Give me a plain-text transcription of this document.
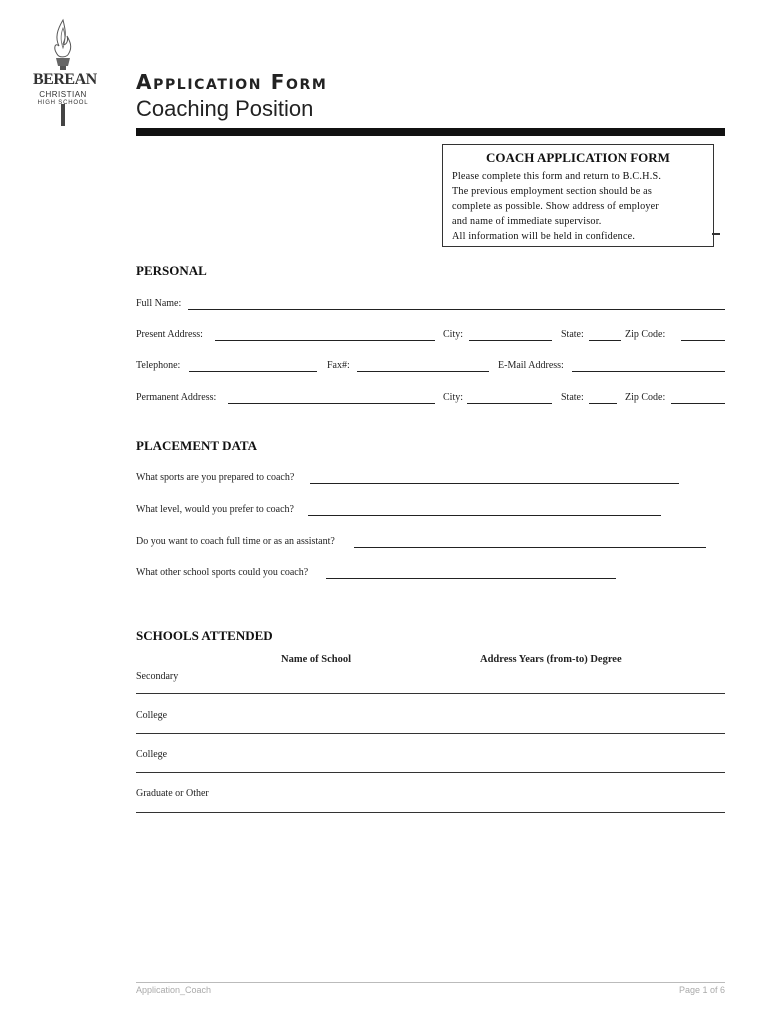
BEREAN
CHRISTIAN
HIGH SCHOOL
Application Form
Coaching Position
COACH APPLICATION FORM
Please complete this form and return to B.C.H.S.
The previous employment section should be as
complete as possible. Show address of employer
and name of immediate supervisor.
All information will be held in confidence.
PERSONAL
Full Name:
Present Address:	City:	State:	Zip Code:
Telephone:	Fax#:	E-Mail Address:
Permanent Address:	City:	State:	Zip Code:
PLACEMENT DATA
What sports are you prepared to coach?
What level, would you prefer to coach?
Do you want to coach full time or as an assistant?
What other school sports could you coach?
SCHOOLS ATTENDED
Name of School	Address Years (from-to) Degree
Secondary
College
College
Graduate or Other
Application_Coach	Page 1 of 6
